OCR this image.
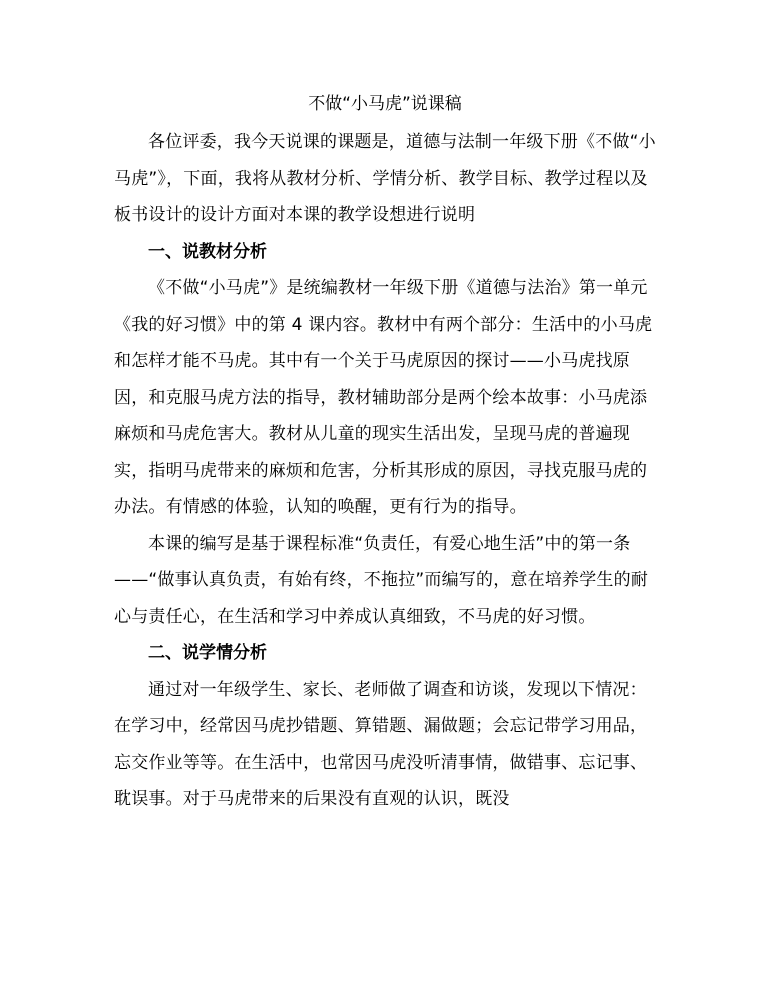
不做“小马虎”说课稿

各位评委，我今天说课的课题是，道德与法制一年级下册《不做“小马虎”》，下面，我将从教材分析、学情分析、教学目标、教学过程以及板书设计的设计方面对本课的教学设想进行说明

一、说教材分析

《不做“小马虎”》是统编教材一年级下册《道德与法治》第一单元《我的好习惯》中的第 4 课内容。教材中有两个部分：生活中的小马虎和怎样才能不马虎。其中有一个关于马虎原因的探讨——小马虎找原因，和克服马虎方法的指导，教材辅助部分是两个绘本故事：小马虎添麻烦和马虎危害大。教材从儿童的现实生活出发，呈现马虎的普遍现实，指明马虎带来的麻烦和危害，分析其形成的原因，寻找克服马虎的办法。有情感的体验，认知的唤醒，更有行为的指导。

本课的编写是基于课程标准“负责任，有爱心地生活”中的第一条——“做事认真负责，有始有终，不拖拉”而编写的，意在培养学生的耐心与责任心，在生活和学习中养成认真细致，不马虎的好习惯。

二、说学情分析

通过对一年级学生、家长、老师做了调查和访谈，发现以下情况：在学习中，经常因马虎抄错题、算错题、漏做题；会忘记带学习用品，忘交作业等等。在生活中，也常因马虎没听清事情，做错事、忘记事、耽误事。对于马虎带来的后果没有直观的认识，既没
